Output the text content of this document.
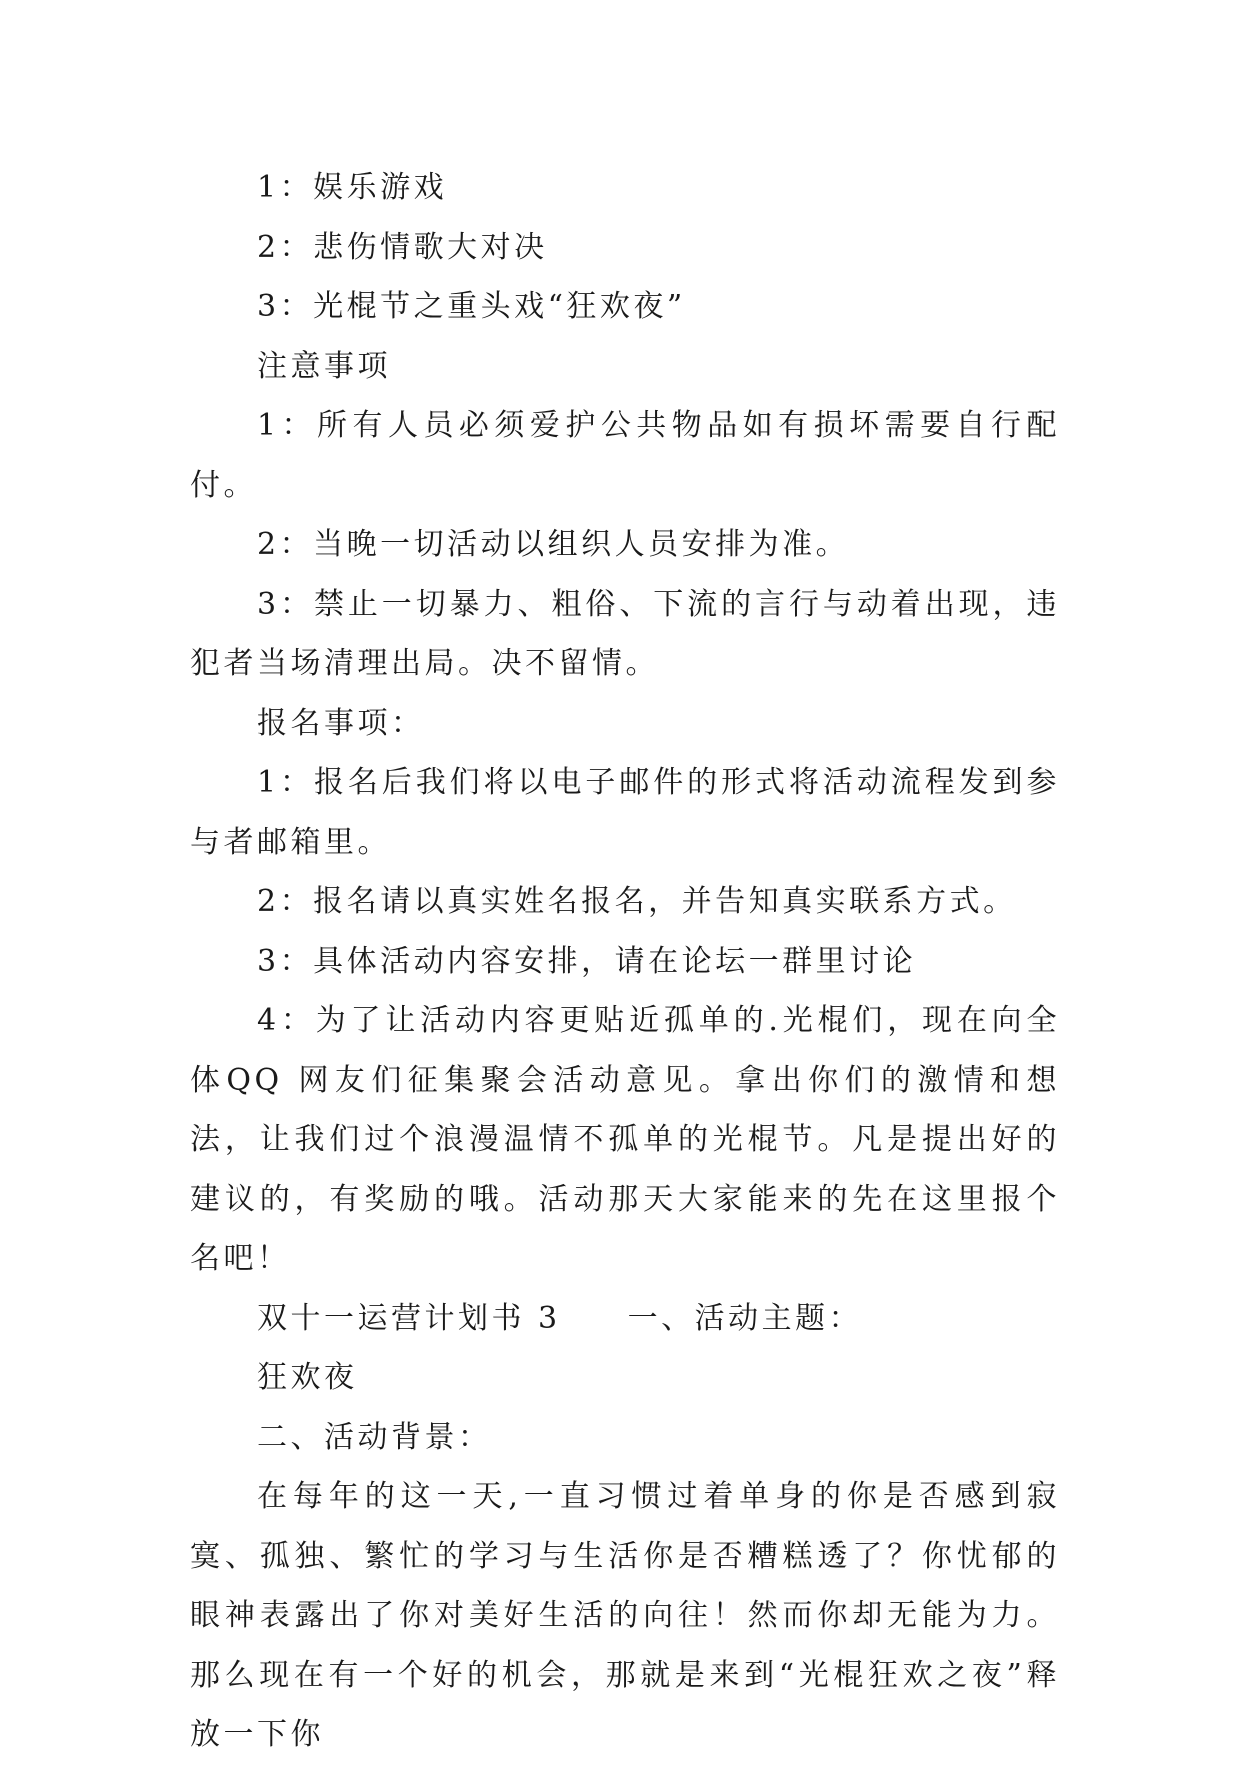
1：娱乐游戏

2：悲伤情歌大对决

3：光棍节之重头戏“狂欢夜”

注意事项

1：所有人员必须爱护公共物品如有损坏需要自行配付。

2：当晚一切活动以组织人员安排为准。

3：禁止一切暴力、粗俗、下流的言行与动着出现，违犯者当场清理出局。决不留情。

报名事项：

1：报名后我们将以电子邮件的形式将活动流程发到参与者邮箱里。

2：报名请以真实姓名报名，并告知真实联系方式。

3：具体活动内容安排，请在论坛一群里讨论

4：为了让活动内容更贴近孤单的.光棍们，现在向全体QQ 网友们征集聚会活动意见。拿出你们的激情和想法，让我们过个浪漫温情不孤单的光棍节。凡是提出好的建议的，有奖励的哦。活动那天大家能来的先在这里报个名吧！

双十一运营计划书 3　　一、活动主题：

狂欢夜

二、活动背景：

在每年的这一天,一直习惯过着单身的你是否感到寂寞、孤独、繁忙的学习与生活你是否糟糕透了？你忧郁的眼神表露出了你对美好生活的向往！然而你却无能为力。那么现在有一个好的机会，那就是来到“光棍狂欢之夜”释放一下你
